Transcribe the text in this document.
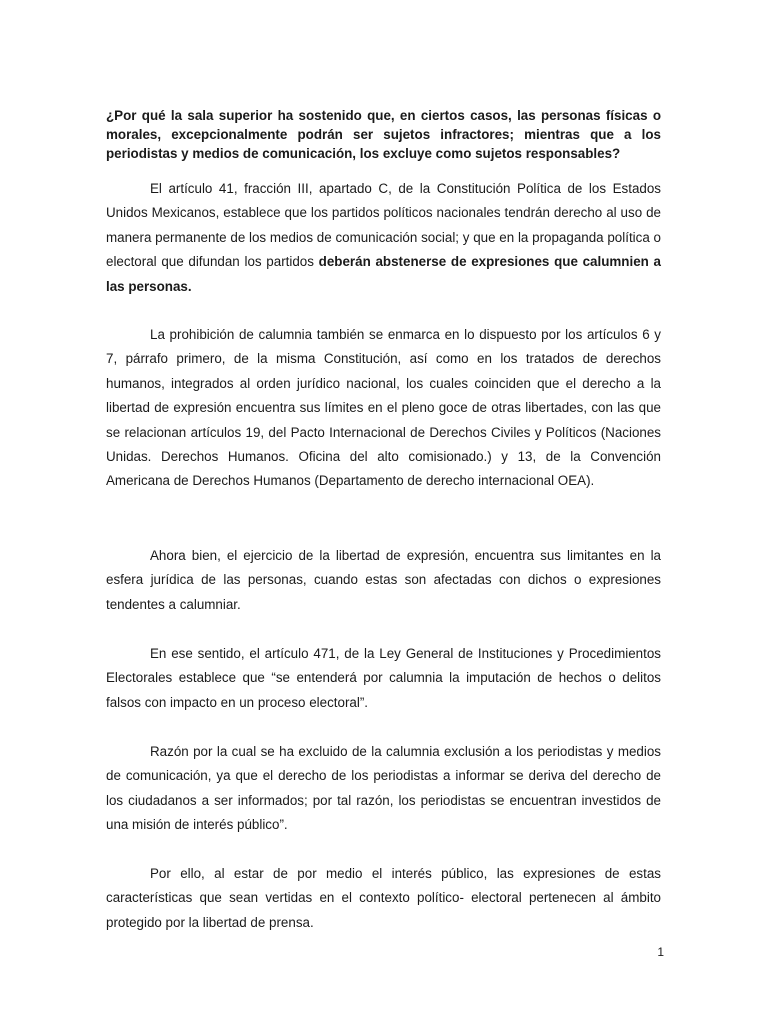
¿Por qué la sala superior ha sostenido que, en ciertos casos, las personas físicas o morales, excepcionalmente podrán ser sujetos infractores; mientras que a los periodistas y medios de comunicación, los excluye como sujetos responsables?
El artículo 41, fracción III, apartado C, de la Constitución Política de los Estados Unidos Mexicanos, establece que los partidos políticos nacionales tendrán derecho al uso de manera permanente de los medios de comunicación social; y que en la propaganda política o electoral que difundan los partidos deberán abstenerse de expresiones que calumnien a las personas.
La prohibición de calumnia también se enmarca en lo dispuesto por los artículos 6 y 7, párrafo primero, de la misma Constitución, así como en los tratados de derechos humanos, integrados al orden jurídico nacional, los cuales coinciden que el derecho a la libertad de expresión encuentra sus límites en el pleno goce de otras libertades, con las que se relacionan artículos 19, del Pacto Internacional de Derechos Civiles y Políticos (Naciones Unidas. Derechos Humanos. Oficina del alto comisionado.) y 13, de la Convención Americana de Derechos Humanos (Departamento de derecho internacional OEA).
Ahora bien, el ejercicio de la libertad de expresión, encuentra sus limitantes en la esfera jurídica de las personas, cuando estas son afectadas con dichos o expresiones tendentes a calumniar.
En ese sentido, el artículo 471, de la Ley General de Instituciones y Procedimientos Electorales establece que “se entenderá por calumnia la imputación de hechos o delitos falsos con impacto en un proceso electoral”.
Razón por la cual se ha excluido de la calumnia exclusión a los periodistas y medios de comunicación, ya que el derecho de los periodistas a informar se deriva del derecho de los ciudadanos a ser informados; por tal razón, los periodistas se encuentran investidos de una misión de interés público”.
Por ello, al estar de por medio el interés público, las expresiones de estas características que sean vertidas en el contexto político- electoral pertenecen al ámbito protegido por la libertad de prensa.
1
